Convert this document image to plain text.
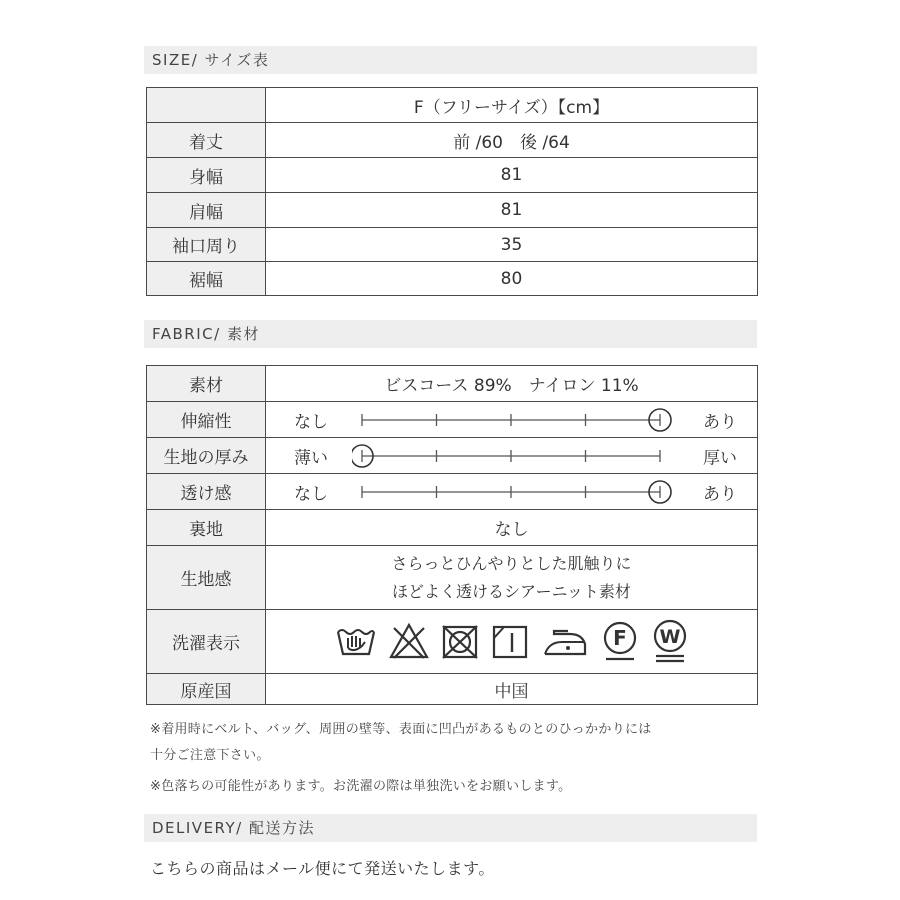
SIZE/ サイズ表
	F（フリーサイズ）【cm】
着丈	前 /60　後 /64
身幅	81
肩幅	81
袖口周り	35
裾幅	80
FABRIC/ 素材
素材	ビスコース 89%　ナイロン 11%
伸縮性	なし あり

生地の厚み	薄い 厚い

透け感	なし あり

裏地	なし
生地感	さらっとひんやりとした肌触りに
ほどよく透けるシアーニット素材

洗濯表示	F W

原産国	中国
※着用時にベルト、バッグ、周囲の壁等、表面に凹凸があるものとのひっかかりには
十分ご注意下さい。
※色落ちの可能性があります。お洗濯の際は単独洗いをお願いします。
DELIVERY/ 配送方法
こちらの商品はメール便にて発送いたします。
